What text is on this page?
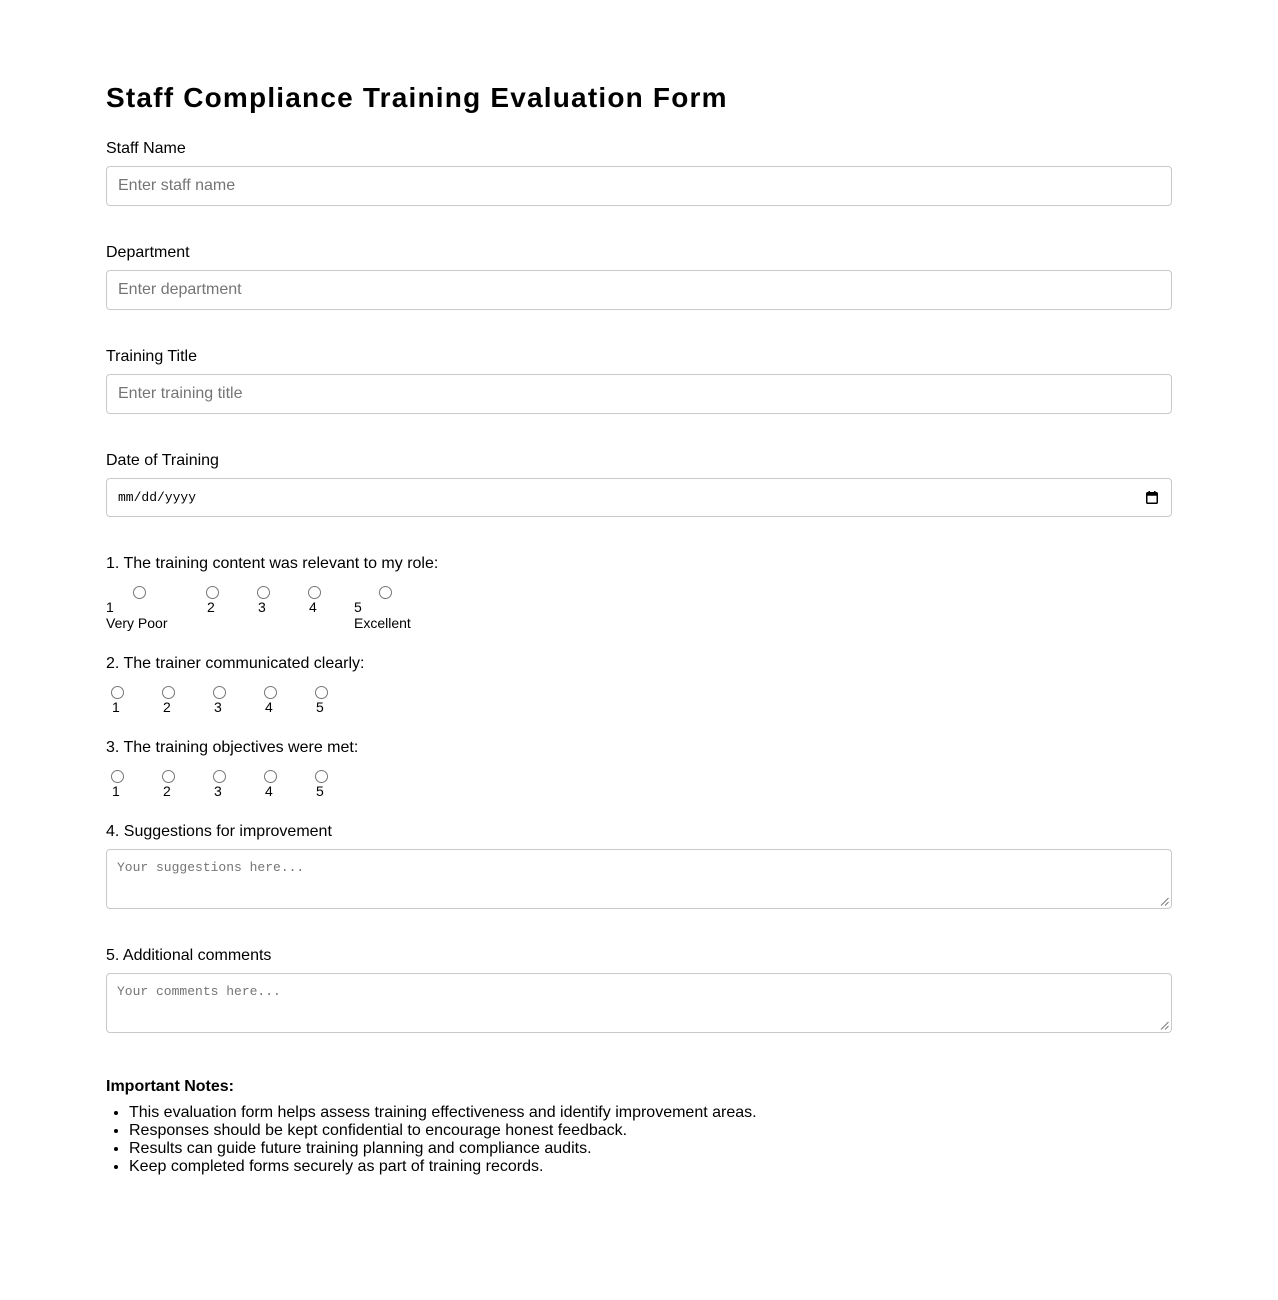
Staff Compliance Training Evaluation Form
Staff Name
Enter staff name
Department
Enter department
Training Title
Enter training title
Date of Training
mm/dd/yyyy
1. The training content was relevant to my role:
1
Very Poor
2	3	4	5
Excellent
2. The trainer communicated clearly:
1	2	3	4	5
3. The training objectives were met:
1	2	3	4	5
4. Suggestions for improvement
Your suggestions here...
5. Additional comments
Your comments here...
Important Notes:
• This evaluation form helps assess training effectiveness and identify improvement areas.
• Responses should be kept confidential to encourage honest feedback.
• Results can guide future training planning and compliance audits.
• Keep completed forms securely as part of training records.
